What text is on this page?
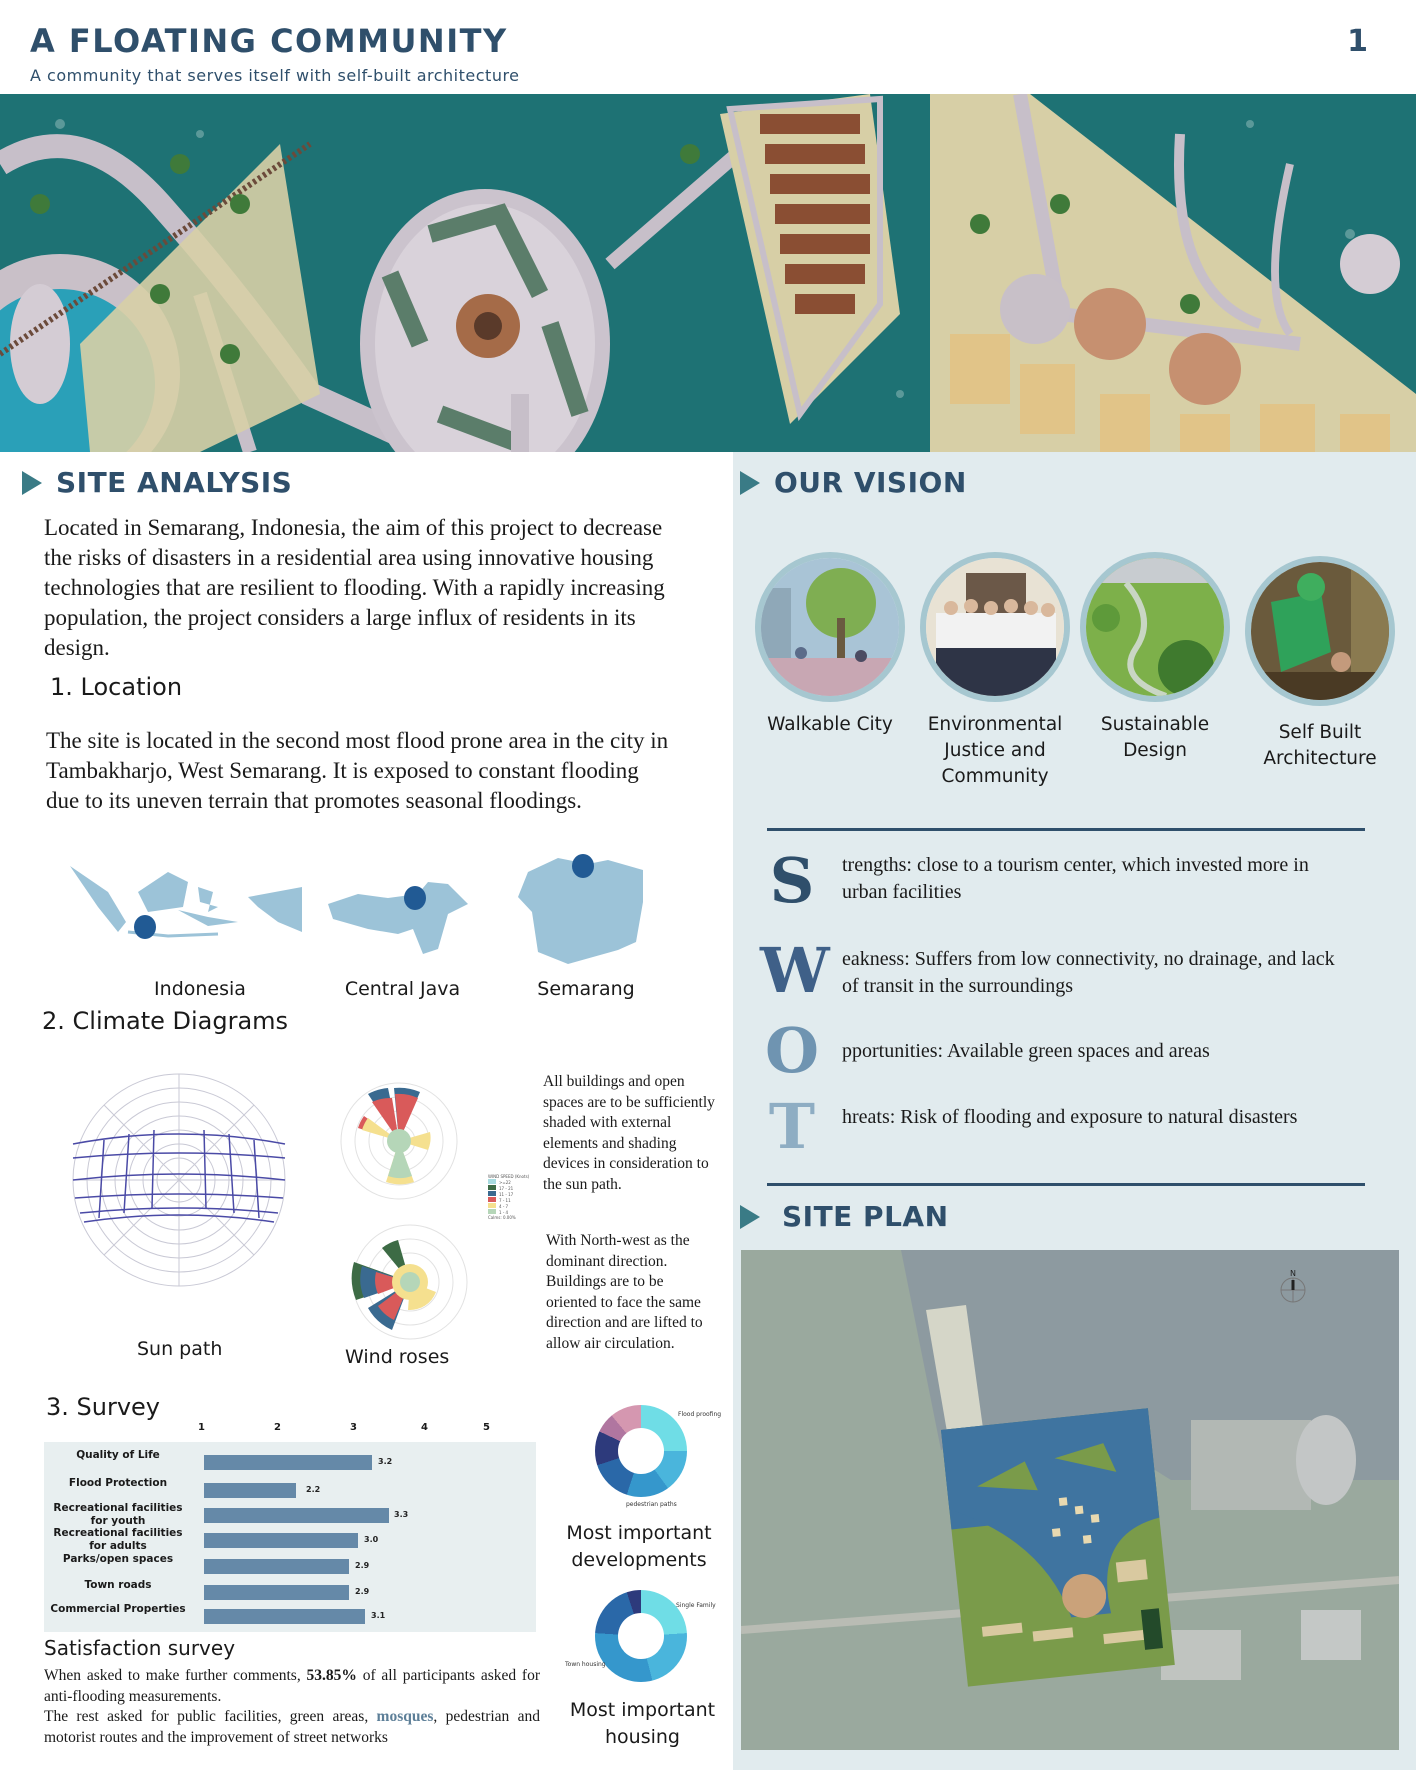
A FLOATING COMMUNITY
A community that serves itself with self-built architecture
1
SITE ANALYSIS
Located in Semarang, Indonesia, the aim of this project to decrease the risks of disasters in a residential area using innovative housing technologies that are resilient to flooding. With a rapidly increasing population, the project considers a large influx of residents in its design.
1. Location
The site is located in the second most flood prone area in the city in Tambakharjo, West Semarang. It is exposed to constant flooding due to its uneven terrain that promotes seasonal floodings.
Indonesia	Central Java	Semarang
2. Climate Diagrams
Sun path
WIND SPEED (Knots)
>=22
17 - 21
11 - 17
7 - 11
4 - 7
1 - 4
Calms: 0.00%
Wind roses
All buildings and open spaces are to be sufficiently shaded with external elements and shading devices in consideration to the sun path.
With North-west as the dominant direction. Buildings are to be oriented to face the same direction and are lifted to allow air circulation.
3. Survey
1	2	3	4	5
Quality of Life
3.2
Flood Protection
2.2
Recreational facilities for youth
3.3
Recreational facilities for adults
3.0
Parks/open spaces
2.9
Town roads
2.9
Commercial Properties
3.1
Satisfaction survey
Flood proofing
pedestrian paths
Most important developments
Single Family
Town housing
Most important housing
When asked to make further comments, 53.85% of all participants asked for anti-flooding measurements.
The rest asked for public facilities, green areas, mosques, pedestrian and motorist routes and the improvement of street networks
OUR VISION
Walkable City	Environmental Justice and Community
Sustainable Design
Self Built Architecture
S	trengths: close to a tourism center, which invested more in urban facilities
W eakness: Suffers from low connectivity, no drainage, and lack of transit in the surroundings
O pportunities: Available green spaces and areas
T	hreats: Risk of flooding and exposure to natural disasters
SITE PLAN
N
